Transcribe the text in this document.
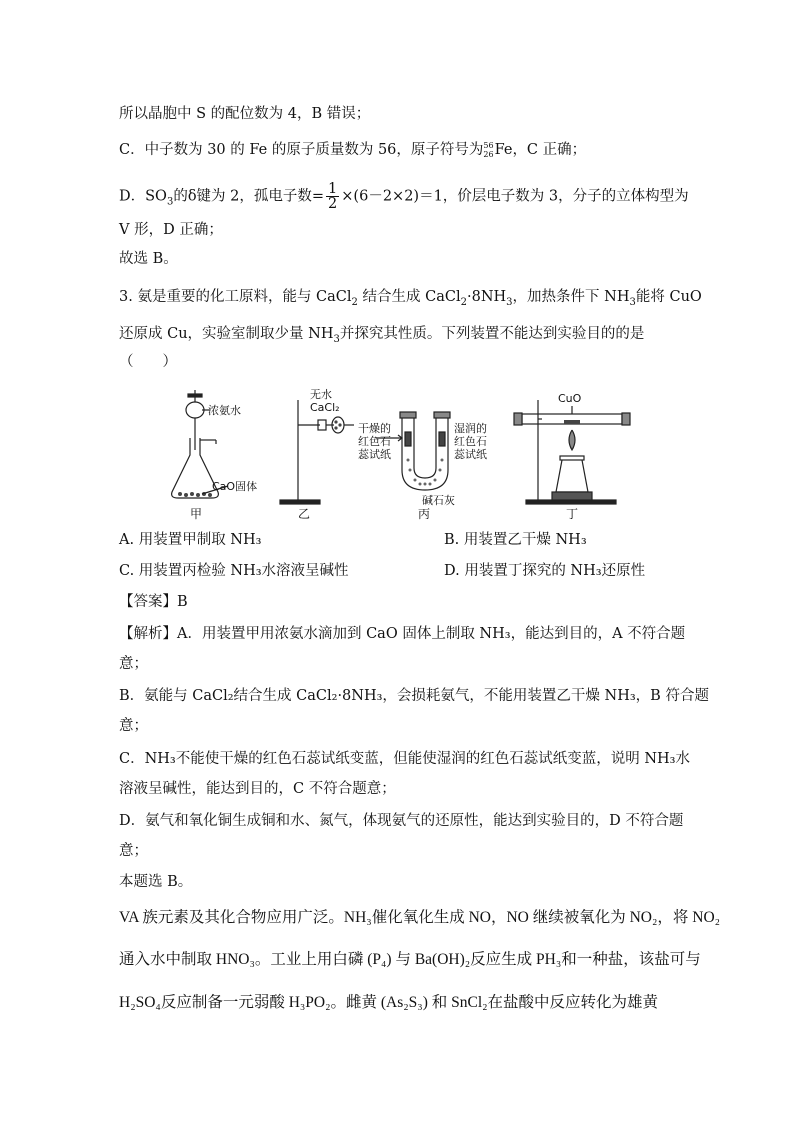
所以晶胞中 S 的配位数为 4，B 错误；
C．中子数为 30 的 Fe 的原子质量数为 56，原子符号为 56
26 Fe，C 正确；
D．$SO_3$的δ键为 2，孤电子数= $\frac{1}{2} \times(6-2\times 2)=1$，价层电子数为 3，分子的立体构型为
V 形，D 正确；
故选 B。
3. 氨是重要的化工原料，能与 CaCl$_2$ 结合生成 $CaCl_2\cdot 8NH_3$，加热条件下 $NH_3$能将 CuO
还原成 Cu，实验室制取少量 $NH_3$并探究其性质。下列装置不能达到实验目的的是
（　　）
浓氨水
CaO固体
无水
CaCl₂
干燥的
红色石
蕊试纸
湿润的
红色石
蕊试纸
碱石灰
CuO
甲	乙	丙	丁
A. 用装置甲制取 NH₃	B. 用装置乙干燥 NH₃
C. 用装置丙检验 NH₃水溶液呈碱性	D. 用装置丁探究的 NH₃还原性
【答案】B
【解析】A．用装置甲用浓氨水滴加到 CaO 固体上制取 NH₃，能达到目的，A 不符合题
意；
B．氨能与 CaCl₂结合生成 CaCl₂·8NH₃，会损耗氨气，不能用装置乙干燥 NH₃，B 符合题
意；
C．NH₃不能使干燥的红色石蕊试纸变蓝，但能使湿润的红色石蕊试纸变蓝，说明 NH₃水
溶液呈碱性，能达到目的，C 不符合题意；
D．氨气和氧化铜生成铜和水、氮气，体现氨气的还原性，能达到实验目的，D 不符合题
意；
本题选 B。
VA 族元素及其化合物应用广泛。NH₃催化氧化生成 NO，NO 继续被氧化为 NO₂，将 NO₂
通入水中制取 HNO₃。工业上用白磷 (P₄) 与 Ba(OH)₂反应生成 PH₃和一种盐，该盐可与
H₂SO₄反应制备一元弱酸 H₃PO₂。雌黄 (As₂S₃) 和 SnCl₂在盐酸中反应转化为雄黄
